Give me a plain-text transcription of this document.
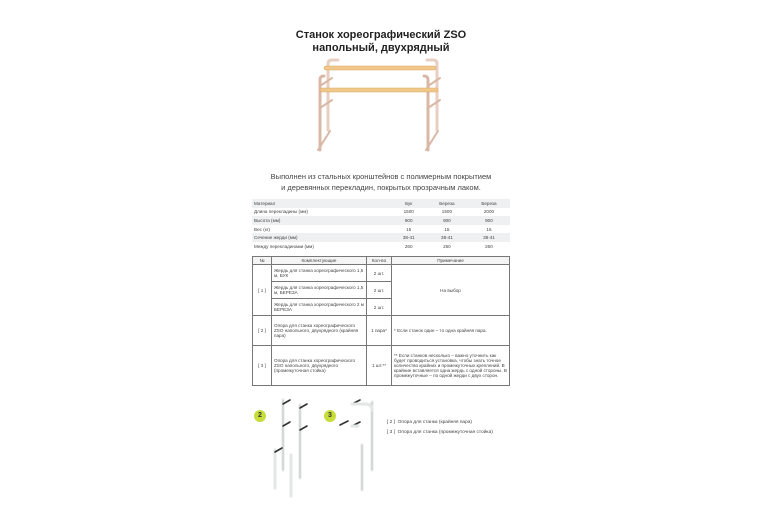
Станок хореографический ZSO
напольный, двухрядный
Выполнен из стальных кронштейнов с полимерным покрытием
и деревянных перекладин, покрытых прозрачным лаком.
Материал	Бук	Береза	Береза
Длина перекладины (мм)	1500	1500	2000
Высота (мм)	900	900	900
Вес (кг)	15	15	16
Сечение жерди (мм)	38-41	38-41	38-41
Между перекладинами (мм)	260	260	260
№	Комплектующие	Кол-во	Примечание
[ 1 ]	Жердь для станка хореографического 1,5 м, БУК	2 шт.	На выбор
	Жердь для станка хореографического 1,5 м, БЕРЕЗА	2 шт.	
	Жердь для станка хореографического 2 м БЕРЕЗА	2 шт.	
[ 2 ]	Опора для станка хореографического ZSO напольного, двухрядного (крайняя пара)	1 пара*	* Если станок один – то одна крайняя пара.
[ 3 ]	Опора для станка хореографического ZSO напольного, двухрядного (промежуточная стойка)	1 шт.**	** Если станков несколько – важно уточнить как будет проводиться установка, чтобы знать точное количество крайних и промежуточных креплений. В крайние вставляется одна жердь с одной стороны. В промежуточные – по одной жерди с двух сторон.
2	3
[ 2 ] Опора для станка (крайняя пара)
[ 3 ] Опора для станка (промежуточная стойка)
